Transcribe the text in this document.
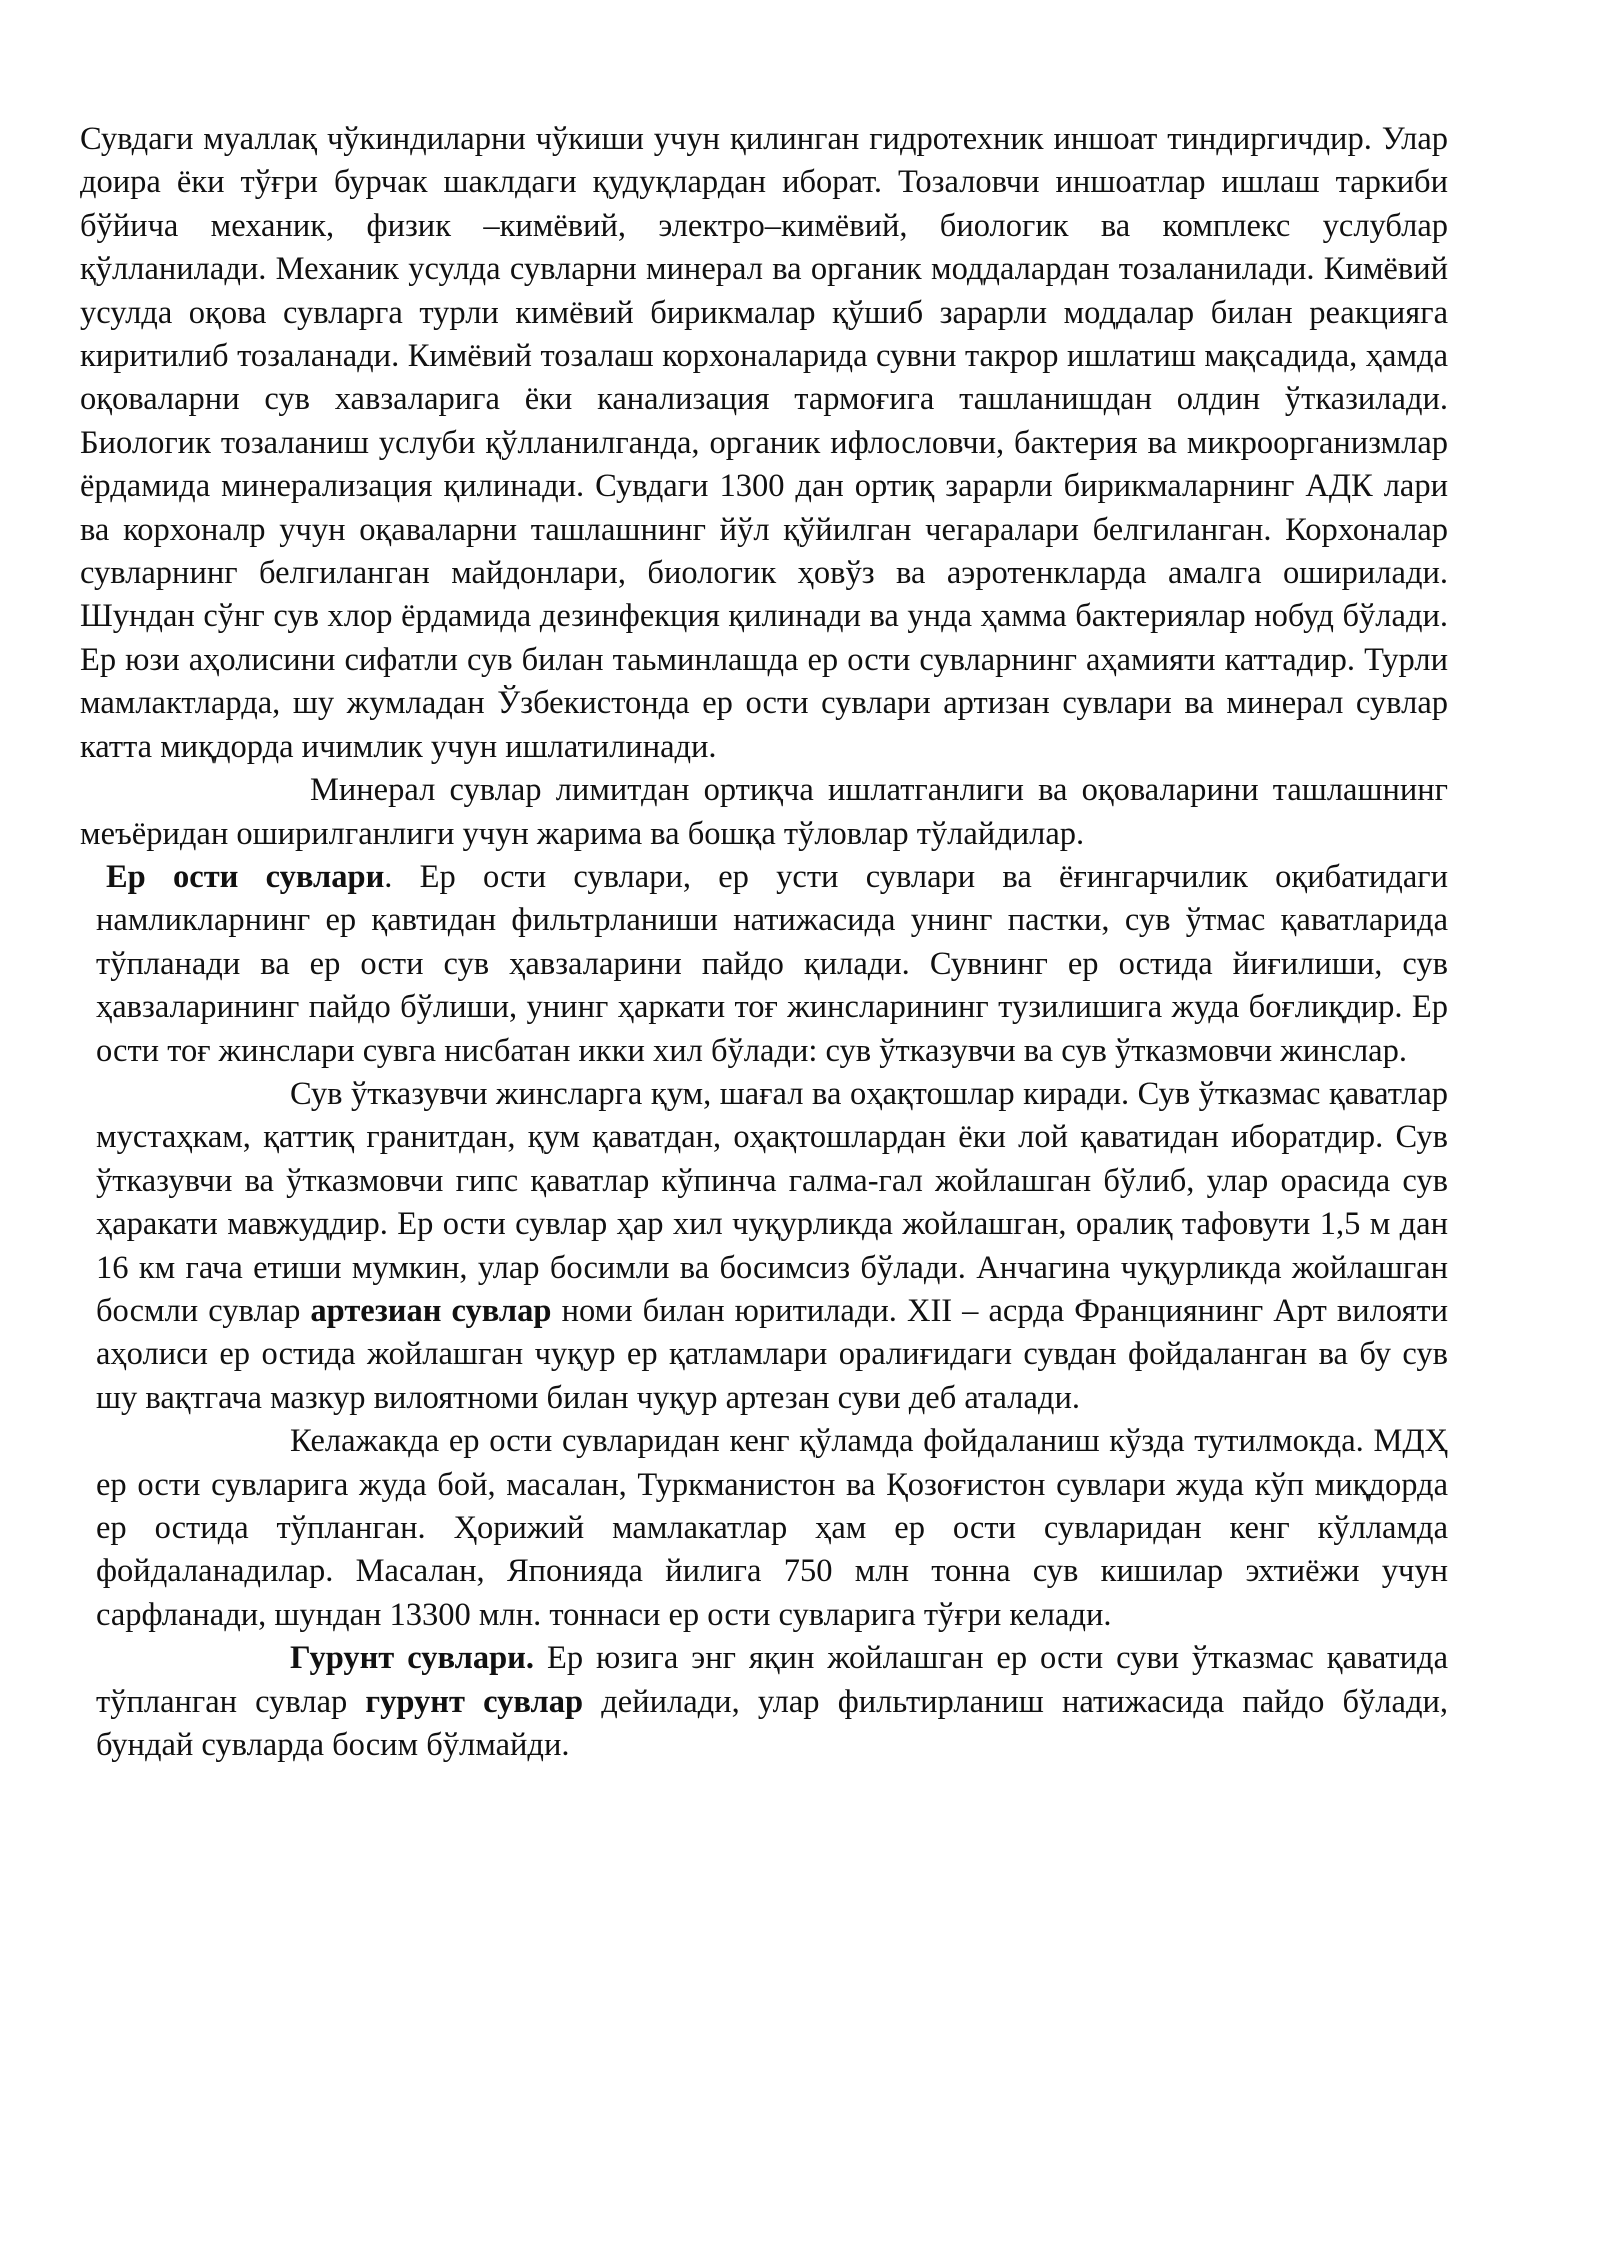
Сувдаги муаллақ чўкиндиларни чўкиши учун қилинган гидротехник иншоат тиндиргичдир. Улар доира ёки тўғри бурчак шаклдаги қудуқлардан иборат. Тозаловчи иншоатлар ишлаш таркиби бўйича механик, физик –кимёвий, электро–кимёвий, биологик ва комплекс услублар қўлланилади. Механик усулда сувларни минерал ва органик моддалардан тозаланилади. Кимёвий усулда оқова сувларга турли кимёвий бирикмалар қўшиб зарарли моддалар билан реакцияга киритилиб тозаланади. Кимёвий тозалаш корхоналарида сувни такрор ишлатиш мақсадида, ҳамда оқоваларни сув хавзаларига ёки канализация тармоғига ташланишдан олдин ўтказилади. Биологик тозаланиш услуби қўлланилганда, органик ифлословчи, бактерия ва микроорганизмлар ёрдамида минерализация қилинади. Сувдаги 1300 дан ортиқ зарарли бирикмаларнинг АДК лари ва корхоналр учун оқаваларни ташлашнинг йўл қўйилган чегаралари белгиланган. Корхоналар сувларнинг белгиланган майдонлари, биологик ҳовўз ва аэротенкларда амалга оширилади. Шундан сўнг сув хлор ёрдамида дезинфекция қилинади ва унда ҳамма бактериялар нобуд бўлади. Ер юзи аҳолисини сифатли сув билан таьминлашда ер ости сувларнинг аҳамияти каттадир. Турли мамлактларда, шу жумладан Ўзбекистонда ер ости сувлари артизан сувлари ва минерал сувлар катта миқдорда ичимлик учун ишлатилинади.

Минерал сувлар лимитдан ортиқча ишлатганлиги ва оқоваларини ташлашнинг меъёридан оширилганлиги учун жарима ва бошқа тўловлар тўлайдилар.

Ер ости сувлари. Ер ости сувлари, ер усти сувлари ва ёғингарчилик оқибатидаги намликларнинг ер қавтидан фильтрланиши натижасида унинг пастки, сув ўтмас қаватларида тўпланади ва ер ости сув ҳавзаларини пайдо қилади. Сувнинг ер остида йиғилиши, сув ҳавзаларининг пайдо бўлиши, унинг ҳаркати тоғ жинсларининг тузилишига жуда боғлиқдир. Ер ости тоғ жинслари сувга нисбатан икки хил бўлади: сув ўтказувчи ва сув ўтказмовчи жинслар.

Сув ўтказувчи жинсларга қум, шағал ва оҳақтошлар киради. Сув ўтказмас қаватлар мустаҳкам, қаттиқ гранитдан, қум қаватдан, оҳақтошлардан ёки лой қаватидан иборатдир. Сув ўтказувчи ва ўтказмовчи гипс қаватлар кўпинча галма-гал жойлашган бўлиб, улар орасида сув ҳаракати мавжуддир. Ер ости сувлар ҳар хил чуқурликда жойлашган, оралиқ тафовути 1,5 м дан 16 км гача етиши мумкин, улар босимли ва босимсиз бўлади. Анчагина чуқурликда жойлашган босмли сувлар артезиан сувлар номи билан юритилади. XII – асрда Франциянинг Арт вилояти аҳолиси ер остида жойлашган чуқур ер қатламлари оралиғидаги сувдан фойдаланган ва бу сув шу вақтгача мазкур вилоятноми билан чуқур артезан суви деб аталади.

Келажакда ер ости сувларидан кенг қўламда фойдаланиш кўзда тутилмокда. МДҲ ер ости сувларига жуда бой, масалан, Туркманистон ва Қозоғистон сувлари жуда кўп миқдорда ер остида тўпланган. Ҳорижий мамлакатлар ҳам ер ости сувларидан кенг кўлламда фойдаланадилар. Масалан, Японияда йилига 750 млн тонна сув кишилар эхтиёжи учун сарфланади, шундан 13300 млн. тоннаси ер ости сувларига тўғри келади.

Гурунт сувлари. Ер юзига энг яқин жойлашган ер ости суви ўтказмас қаватида тўпланган сувлар гурунт сувлар дейилади, улар фильтирланиш натижасида пайдо бўлади, бундай сувларда босим бўлмайди.
